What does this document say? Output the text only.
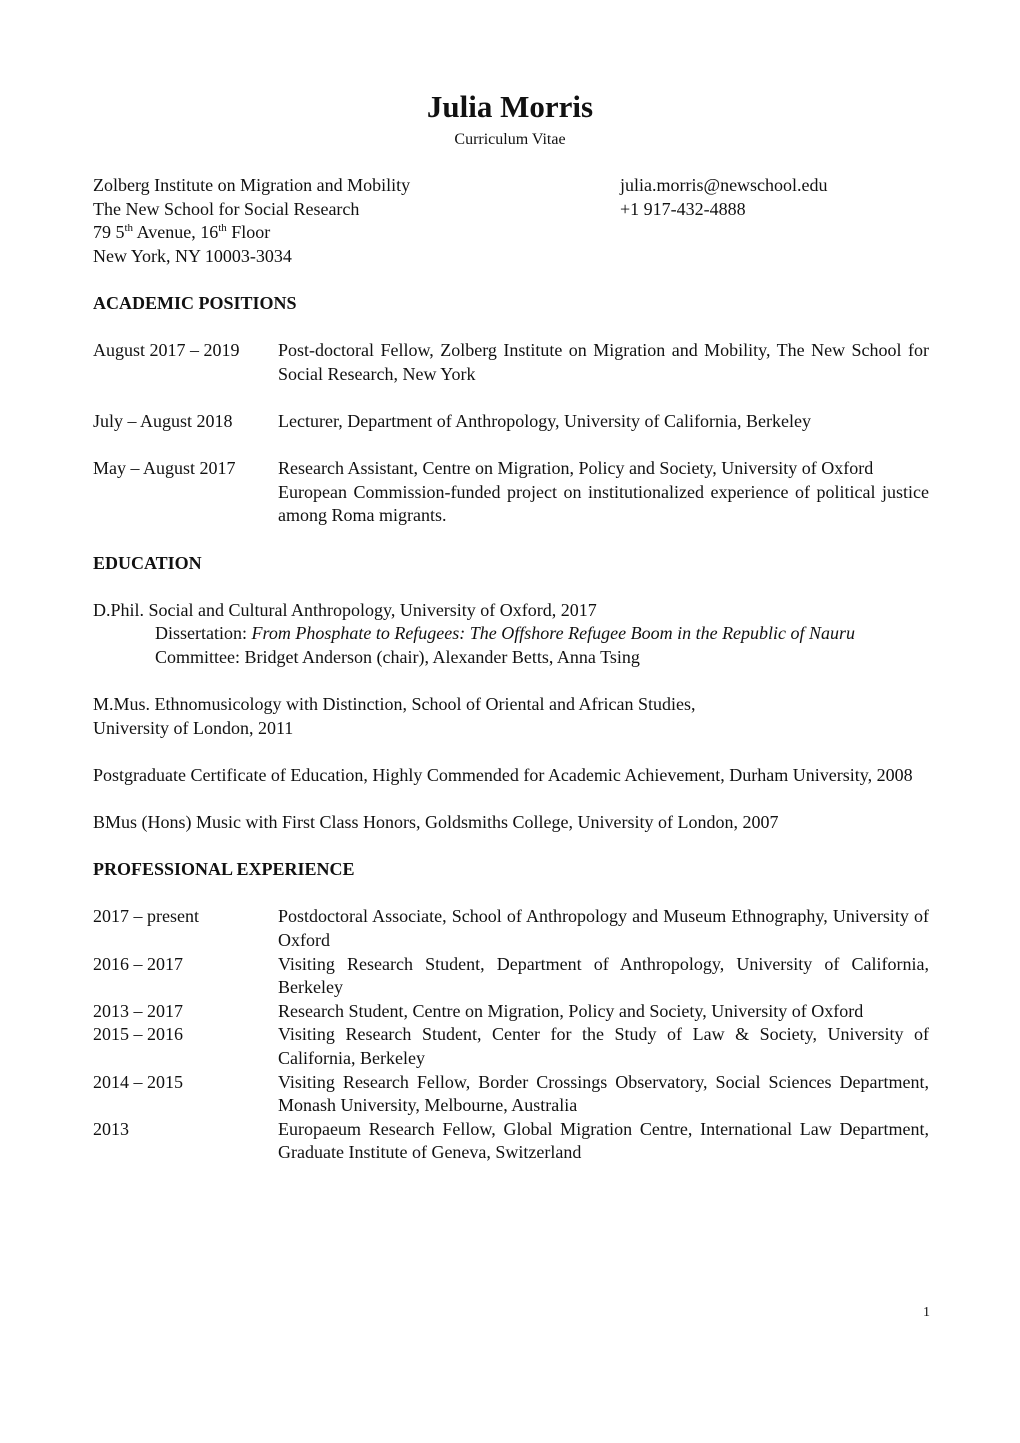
Julia Morris
Curriculum Vitae
Zolberg Institute on Migration and Mobility
The New School for Social Research
79 5th Avenue, 16th Floor
New York, NY 10003-3034
julia.morris@newschool.edu
+1 917-432-4888
ACADEMIC POSITIONS
August 2017 – 2019	Post-doctoral Fellow, Zolberg Institute on Migration and Mobility, The New School for Social Research, New York
July – August 2018	Lecturer, Department of Anthropology, University of California, Berkeley
May – August 2017	Research Assistant, Centre on Migration, Policy and Society, University of Oxford
European Commission-funded project on institutionalized experience of political justice among Roma migrants.
EDUCATION
D.Phil. Social and Cultural Anthropology, University of Oxford, 2017
Dissertation: From Phosphate to Refugees: The Offshore Refugee Boom in the Republic of Nauru
Committee: Bridget Anderson (chair), Alexander Betts, Anna Tsing
M.Mus. Ethnomusicology with Distinction, School of Oriental and African Studies,
University of London, 2011
Postgraduate Certificate of Education, Highly Commended for Academic Achievement, Durham University, 2008
BMus (Hons) Music with First Class Honors, Goldsmiths College, University of London, 2007
PROFESSIONAL EXPERIENCE
2017 – present	Postdoctoral Associate, School of Anthropology and Museum Ethnography, University of Oxford
2016 – 2017	Visiting Research Student, Department of Anthropology, University of California, Berkeley
2013 – 2017	Research Student, Centre on Migration, Policy and Society, University of Oxford
2015 – 2016	Visiting Research Student, Center for the Study of Law & Society, University of California, Berkeley
2014 – 2015	Visiting Research Fellow, Border Crossings Observatory, Social Sciences Department, Monash University, Melbourne, Australia
2013	Europaeum Research Fellow, Global Migration Centre, International Law Department, Graduate Institute of Geneva, Switzerland
1
